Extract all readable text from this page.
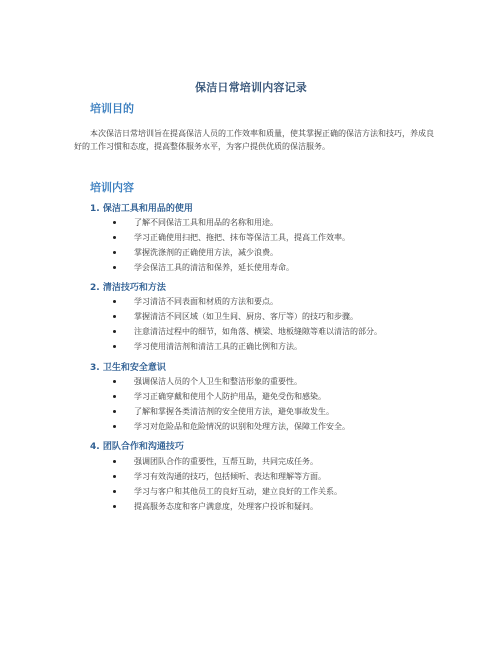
保洁日常培训内容记录
培训目的
本次保洁日常培训旨在提高保洁人员的工作效率和质量，使其掌握正确的保洁方法和技巧，养成良好的工作习惯和态度，提高整体服务水平，为客户提供优质的保洁服务。
培训内容
1. 保洁工具和用品的使用
了解不同保洁工具和用品的名称和用途。
学习正确使用扫把、拖把、抹布等保洁工具，提高工作效率。
掌握洗涤剂的正确使用方法，减少浪费。
学会保洁工具的清洁和保养，延长使用寿命。
2. 清洁技巧和方法
学习清洁不同表面和材质的方法和要点。
掌握清洁不同区域（如卫生间、厨房、客厅等）的技巧和步骤。
注意清洁过程中的细节，如角落、横梁、地板缝隙等难以清洁的部分。
学习使用清洁剂和清洁工具的正确比例和方法。
3. 卫生和安全意识
强调保洁人员的个人卫生和整洁形象的重要性。
学习正确穿戴和使用个人防护用品，避免受伤和感染。
了解和掌握各类清洁剂的安全使用方法，避免事故发生。
学习对危险品和危险情况的识别和处理方法，保障工作安全。
4. 团队合作和沟通技巧
强调团队合作的重要性，互帮互助，共同完成任务。
学习有效沟通的技巧，包括倾听、表达和理解等方面。
学习与客户和其他员工的良好互动，建立良好的工作关系。
提高服务态度和客户满意度，处理客户投诉和疑问。
